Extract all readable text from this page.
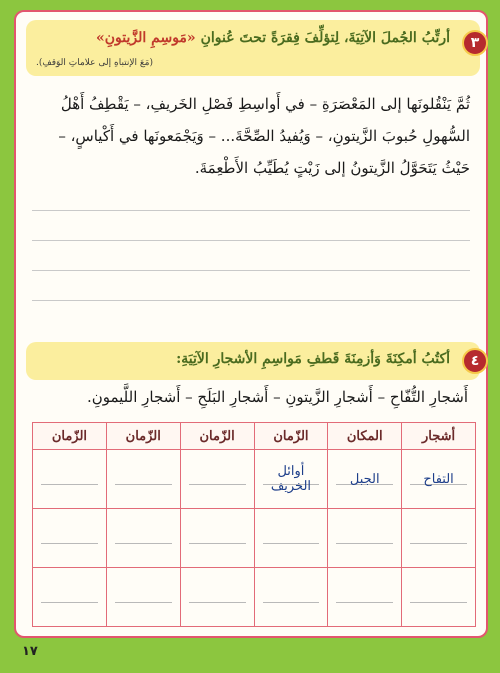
٣
أرتِّبُ الجُملَ الآتِيَةَ، لِتؤلِّفَ فِقرَةً تحتَ عُنوانِ «مَوسِمِ الزَّيتونِ»
(مَعَ الإنتباهِ إلى علاماتِ الوَقفِ).
ثُمَّ يَنْقُلونَها إلى المَعْصَرَةِ – في أَواسِطِ فَصْلِ الخَريفِ، – يَقْطِفُ أَهْلُ
السُّهولِ حُبوبَ الزَّيتونِ، – وَيُفيدُ الصِّحَّةَ... – وَيَجْمَعونَها في أَكْياسٍ، –
حَيْثُ يَتَحَوَّلُ الزَّيتونُ إلى زَيْتٍ يُطَيِّبُ الأَطْعِمَةَ.
٤
أكتُبُ أمكِنَةَ وَأزمِنَةَ قَطفِ مَواسِمِ الأشجارِ الآتِيَةِ:
أَشجارِ التُّفّاحِ – أَشجارِ الزَّيتونِ – أَشجارِ البَلَحِ – أَشجارِ اللَّيمونِ.
أشجار	المكان	الزّمان	الزّمان	الزّمان	الزّمان

التفاح	الجبل	أوائل الخريف	

١٧
